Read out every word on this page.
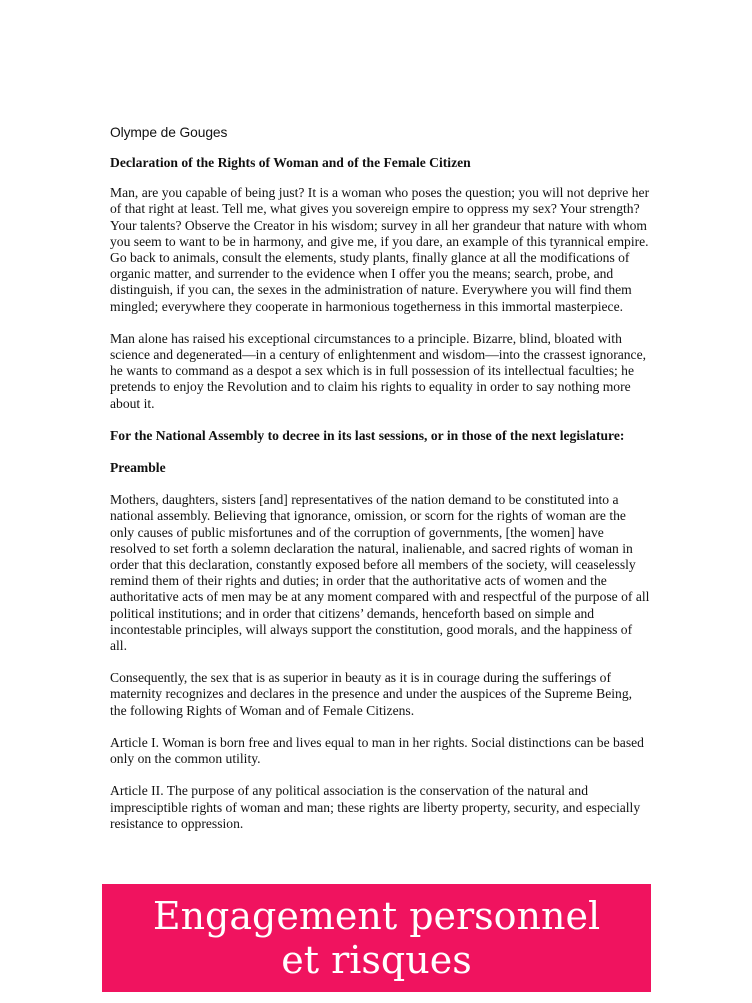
Olympe de Gouges

Declaration of the Rights of Woman and of the Female Citizen

Man, are you capable of being just? It is a woman who poses the question; you will not deprive her of that right at least. Tell me, what gives you sovereign empire to oppress my sex? Your strength? Your talents? Observe the Creator in his wisdom; survey in all her grandeur that nature with whom you seem to want to be in harmony, and give me, if you dare, an example of this tyrannical empire. Go back to animals, consult the elements, study plants, finally glance at all the modifications of organic matter, and surrender to the evidence when I offer you the means; search, probe, and distinguish, if you can, the sexes in the administration of nature. Everywhere you will find them mingled; everywhere they cooperate in harmonious togetherness in this immortal masterpiece.

Man alone has raised his exceptional circumstances to a principle. Bizarre, blind, bloated with science and degenerated—in a century of enlightenment and wisdom—into the crassest ignorance, he wants to command as a despot a sex which is in full possession of its intellectual faculties; he pretends to enjoy the Revolution and to claim his rights to equality in order to say nothing more about it.

For the National Assembly to decree in its last sessions, or in those of the next legislature:

Preamble

Mothers, daughters, sisters [and] representatives of the nation demand to be constituted into a national assembly. Believing that ignorance, omission, or scorn for the rights of woman are the only causes of public misfortunes and of the corruption of governments, [the women] have resolved to set forth a solemn declaration the natural, inalienable, and sacred rights of woman in order that this declaration, constantly exposed before all members of the society, will ceaselessly remind them of their rights and duties; in order that the authoritative acts of women and the authoritative acts of men may be at any moment compared with and respectful of the purpose of all political institutions; and in order that citizens’ demands, henceforth based on simple and incontestable principles, will always support the constitution, good morals, and the happiness of all.

Consequently, the sex that is as superior in beauty as it is in courage during the sufferings of maternity recognizes and declares in the presence and under the auspices of the Supreme Being, the following Rights of Woman and of Female Citizens.

Article I. Woman is born free and lives equal to man in her rights. Social distinctions can be based only on the common utility.

Article II. The purpose of any political association is the conservation of the natural and impresciptible rights of woman and man; these rights are liberty property, security, and especially resistance to oppression.

Engagement personnel
et risques
